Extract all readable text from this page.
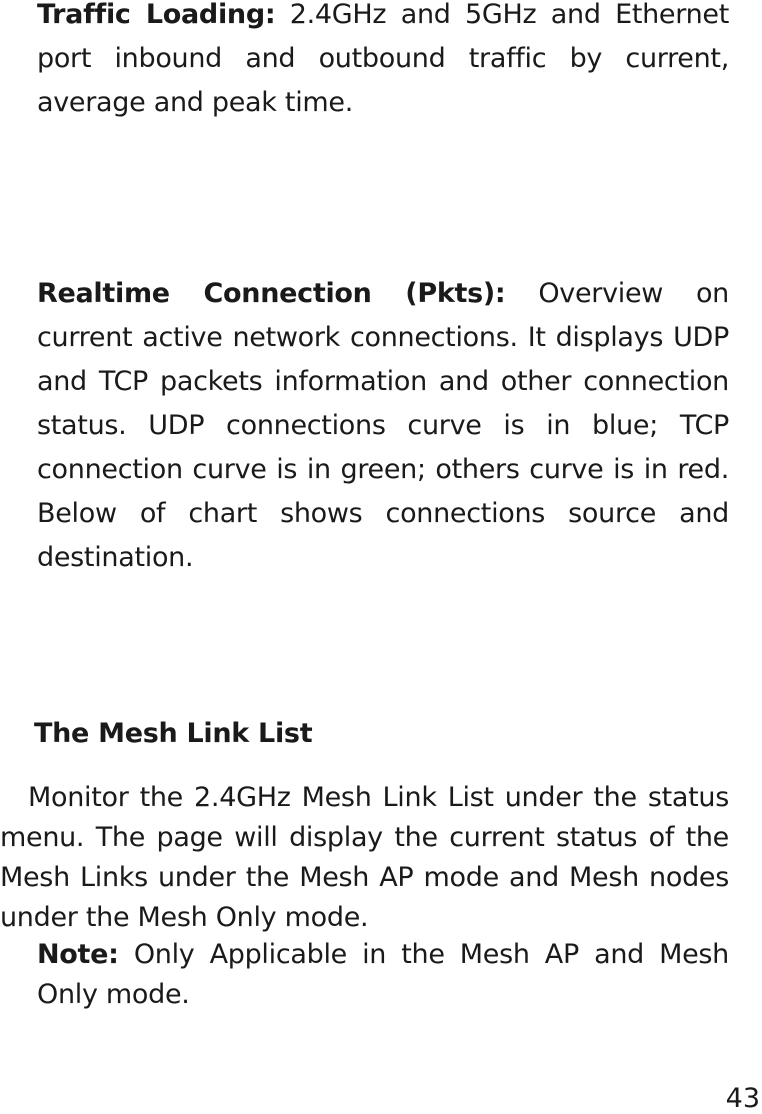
Traffic Loading: 2.4GHz and 5GHz and Ethernet port inbound and outbound traffic by current, average and peak time.
Realtime Connection (Pkts): Overview on current active network connections. It displays UDP and TCP packets information and other connection status. UDP connections curve is in blue; TCP connection curve is in green; others curve is in red. Below of chart shows connections source and destination.
The Mesh Link List
Monitor the 2.4GHz Mesh Link List under the status menu. The page will display the current status of the Mesh Links under the Mesh AP mode and Mesh nodes under the Mesh Only mode.
Note: Only Applicable in the Mesh AP and Mesh Only mode.
43
